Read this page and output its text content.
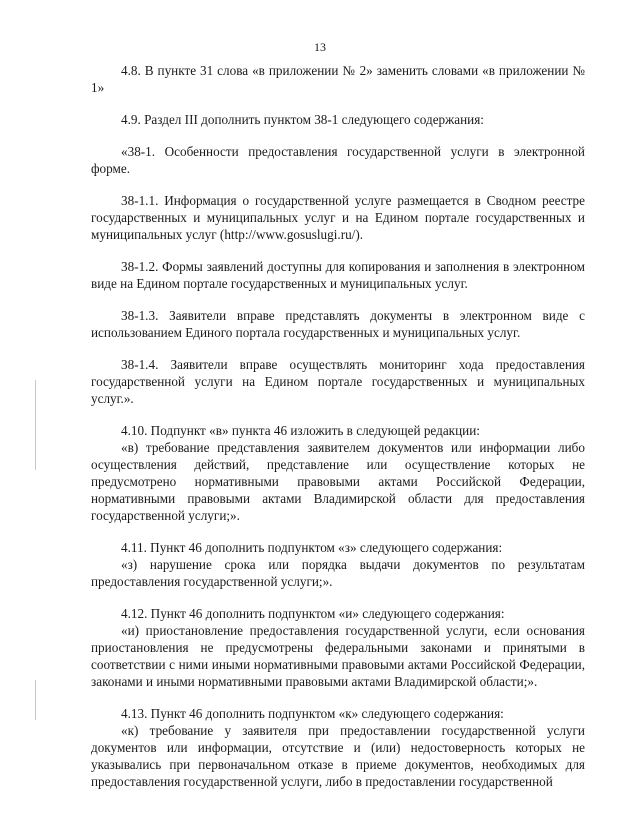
13

4.8. В пункте 31 слова «в приложении № 2» заменить словами «в приложении № 1»

4.9. Раздел III дополнить пунктом 38-1 следующего содержания:

«38-1. Особенности предоставления государственной услуги в электронной форме.

38-1.1. Информация о государственной услуге размещается в Сводном реестре государственных и муниципальных услуг и на Едином портале государственных и муниципальных услуг (http://www.gosuslugi.ru/).

38-1.2. Формы заявлений доступны для копирования и заполнения в электронном виде на Едином портале государственных и муниципальных услуг.

38-1.3. Заявители вправе представлять документы в электронном виде с использованием Единого портала государственных и муниципальных услуг.

38-1.4. Заявители вправе осуществлять мониторинг хода предоставления государственной услуги на Едином портале государственных и муниципальных услуг.».

4.10. Подпункт «в» пункта 46 изложить в следующей редакции:

«в) требование представления заявителем документов или информации либо осуществления действий, представление или осуществление которых не предусмотрено нормативными правовыми актами Российской Федерации, нормативными правовыми актами Владимирской области для предоставления государственной услуги;».

4.11. Пункт 46 дополнить подпунктом «з» следующего содержания:

«з) нарушение срока или порядка выдачи документов по результатам предоставления государственной услуги;».

4.12. Пункт 46 дополнить подпунктом «и» следующего содержания:

«и) приостановление предоставления государственной услуги, если основания приостановления не предусмотрены федеральными законами и принятыми в соответствии с ними иными нормативными правовыми актами Российской Федерации, законами и иными нормативными правовыми актами Владимирской области;».

4.13. Пункт 46 дополнить подпунктом «к» следующего содержания:

«к) требование у заявителя при предоставлении государственной услуги документов или информации, отсутствие и (или) недостоверность которых не указывались при первоначальном отказе в приеме документов, необходимых для предоставления государственной услуги, либо в предоставлении государственной
